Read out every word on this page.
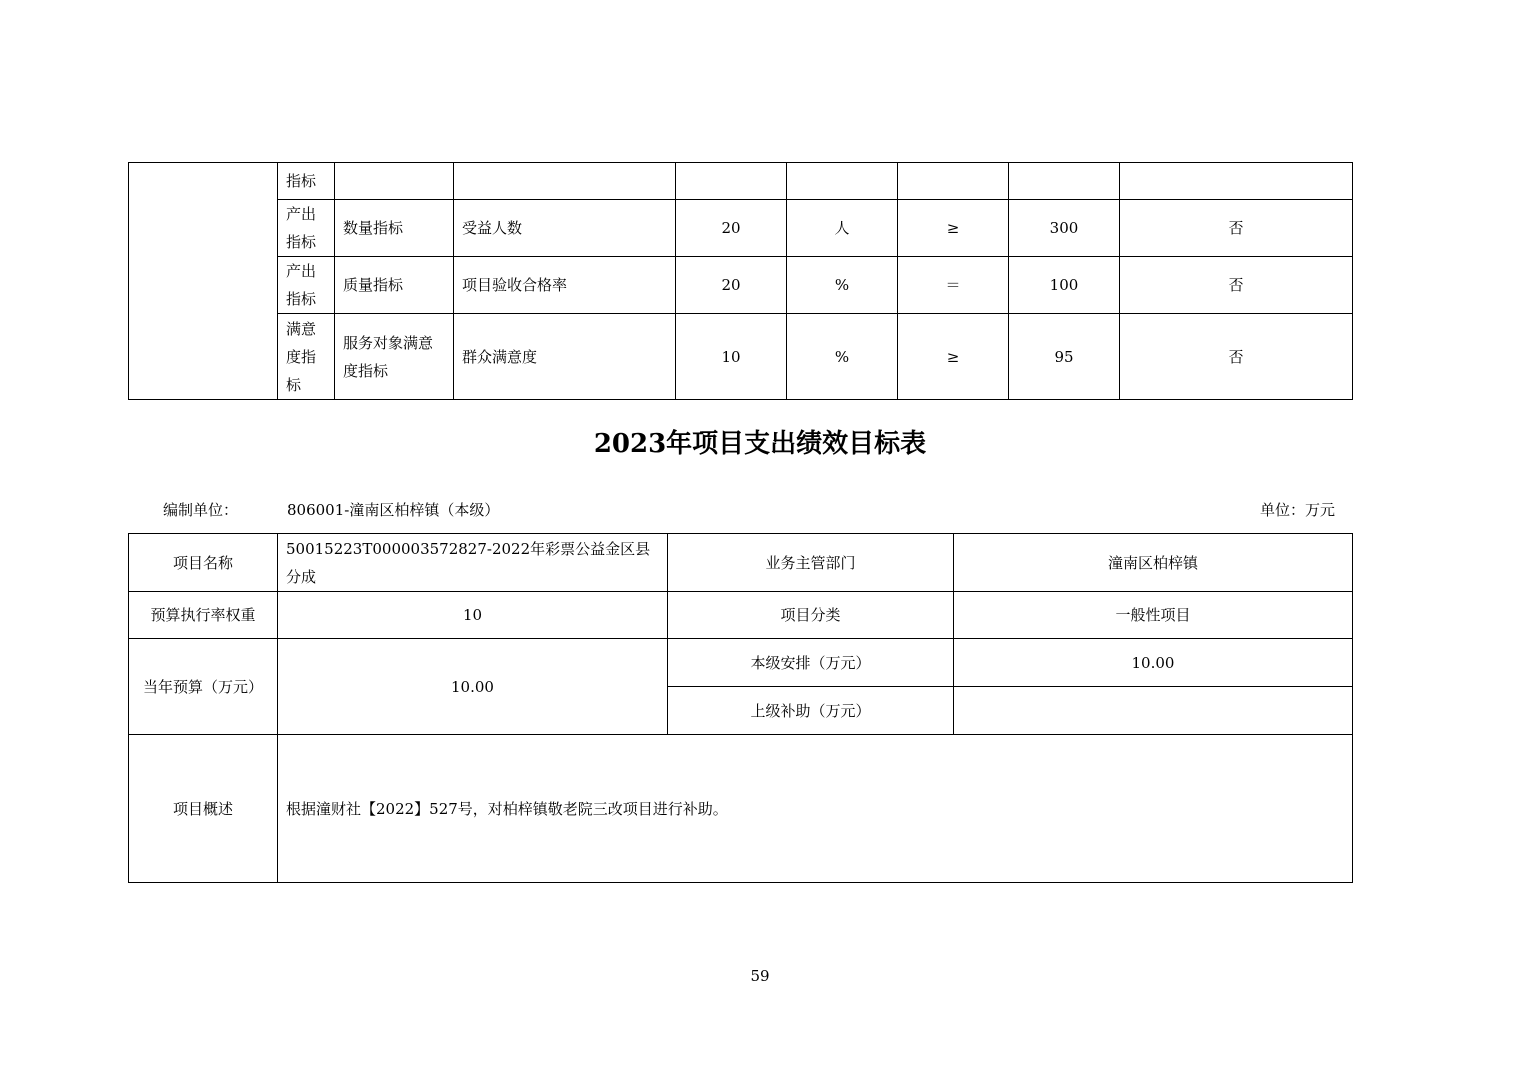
	指标							
	产出指标	数量指标	受益人数	20	人	≥	300	否
	产出指标	质量指标	项目验收合格率	20	%	＝	100	否
	满意度指标	服务对象满意度指标	群众满意度	10	%	≥	95	否
2023年项目支出绩效目标表
编制单位：	806001-潼南区柏梓镇（本级）	单位：万元
项目名称	50015223T000003572827-2022年彩票公益金区县分成	业务主管部门	潼南区柏梓镇
预算执行率权重	10	项目分类	一般性项目
当年预算（万元）	10.00	本级安排（万元）	10.00
		上级补助（万元）	
项目概述	根据潼财社【2022】527号，对柏梓镇敬老院三改项目进行补助。		
59
